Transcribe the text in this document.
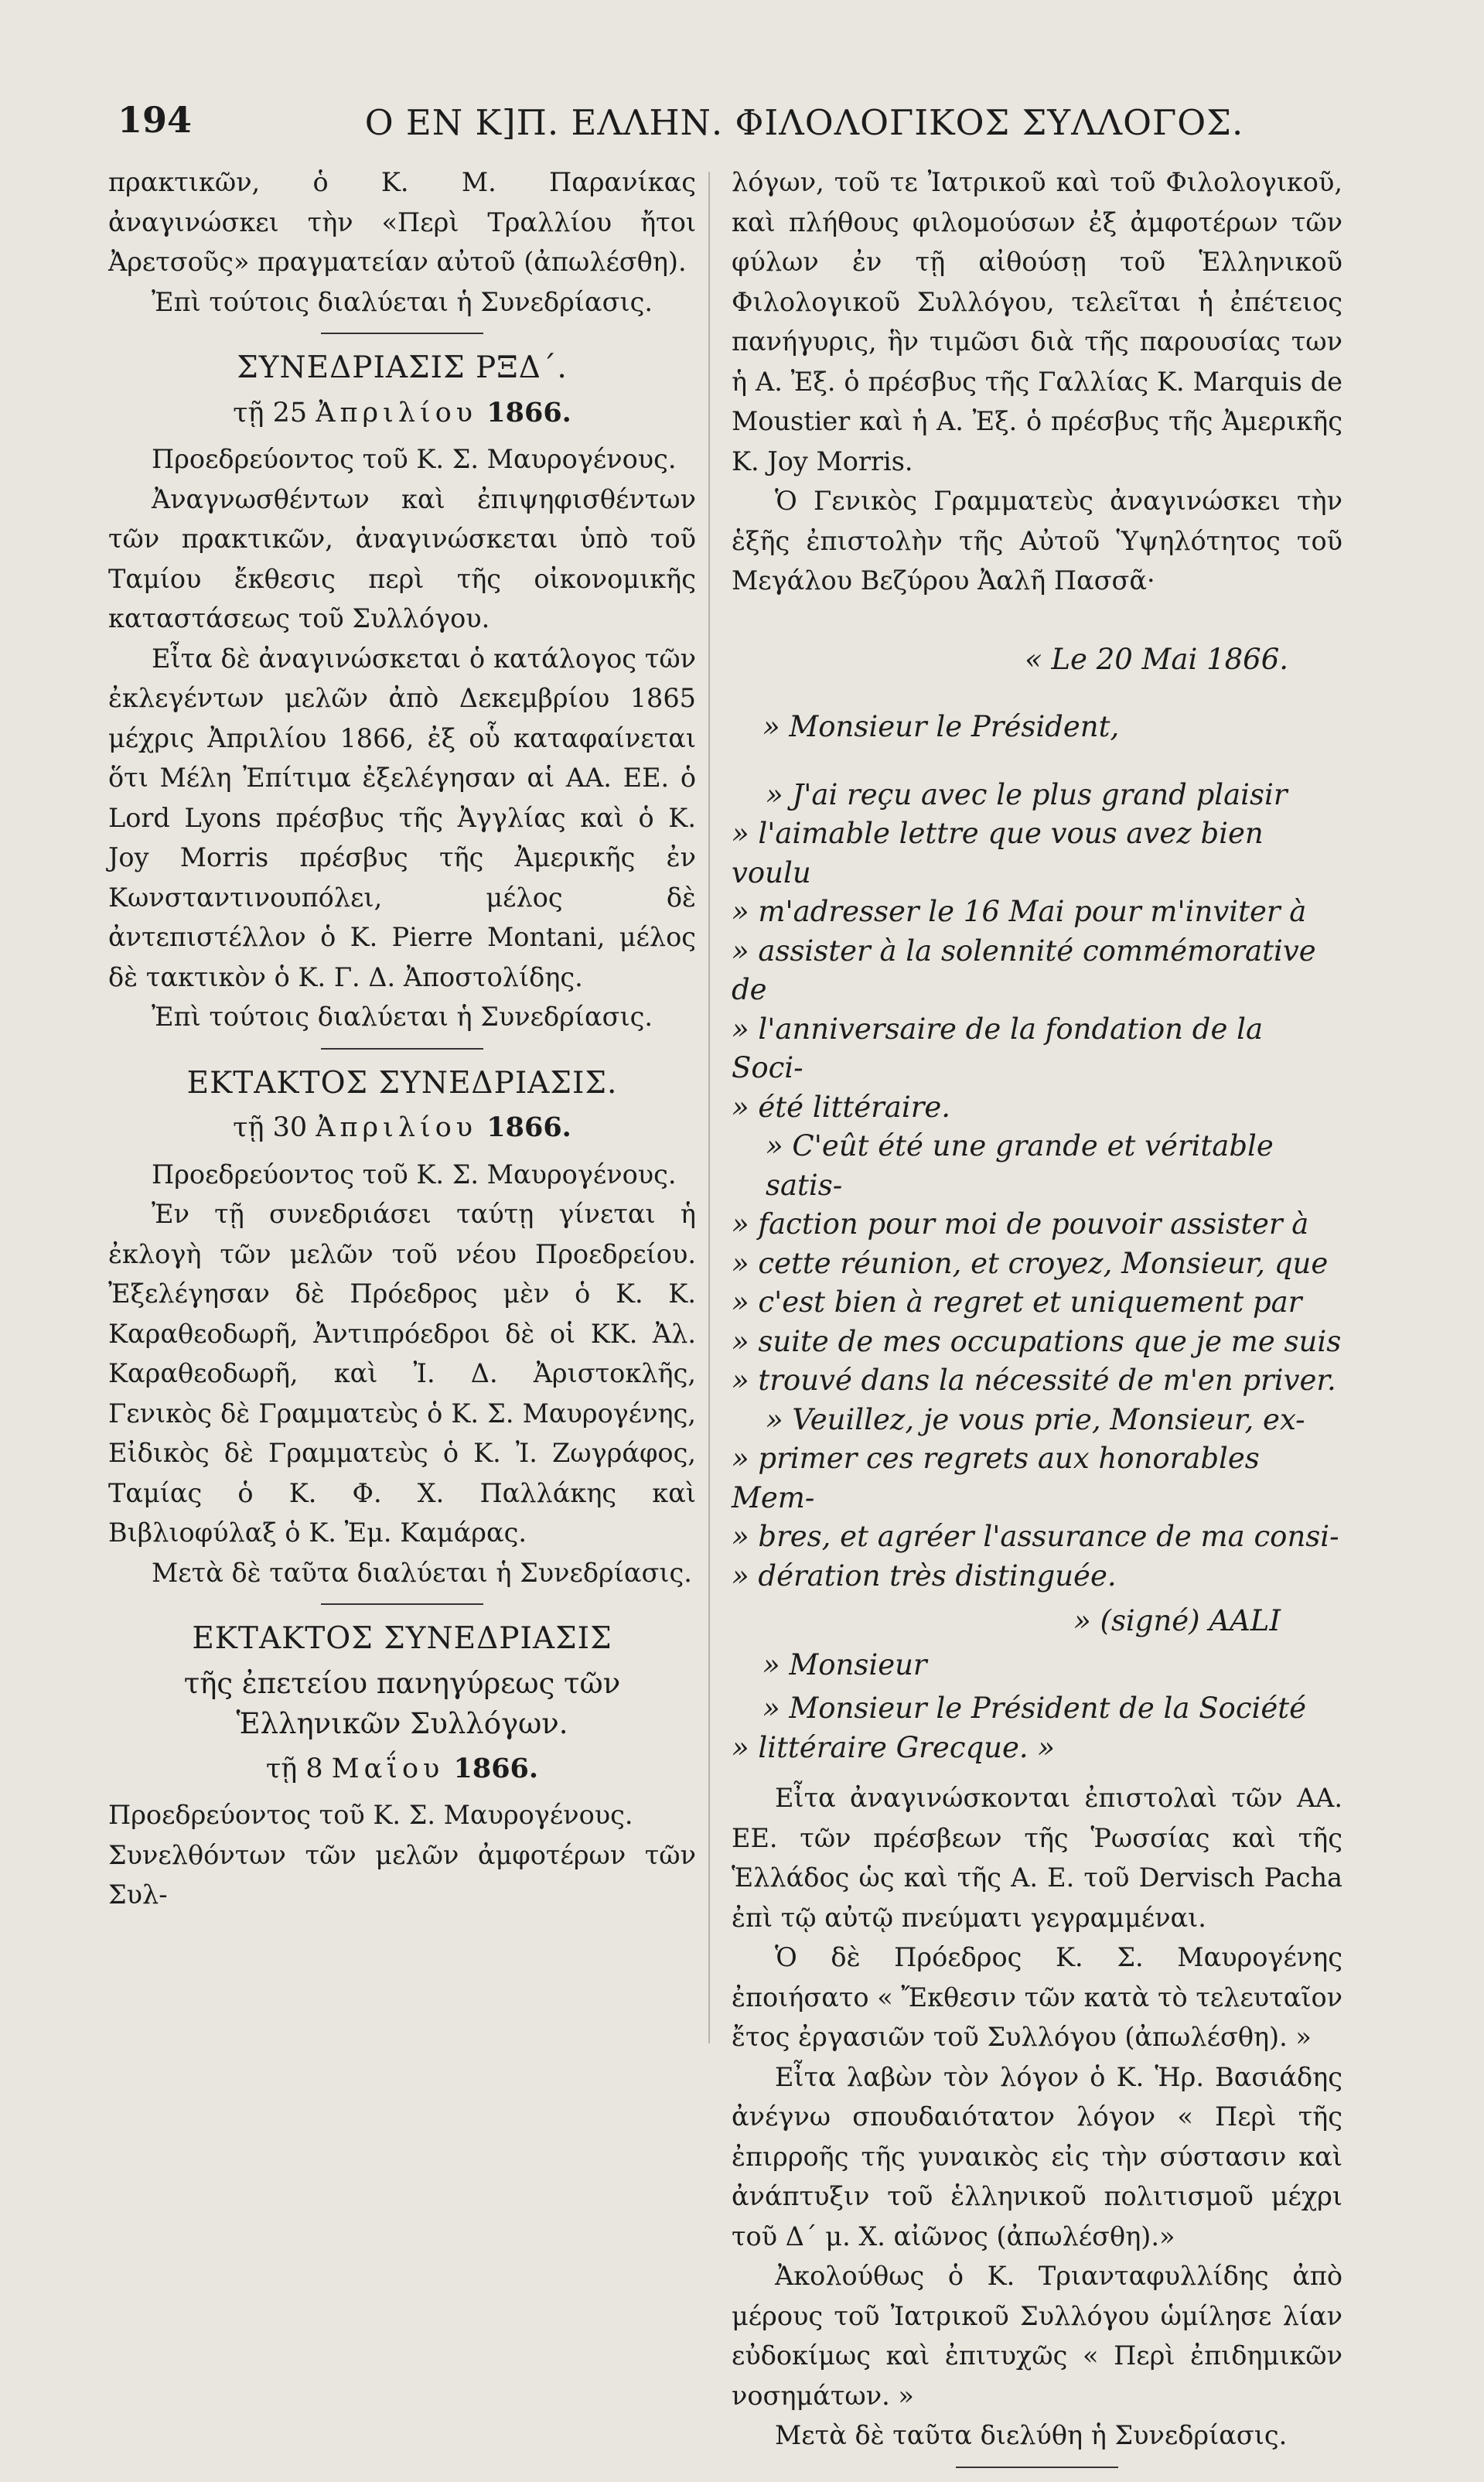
194	Ο ΕΝ Κ]Π. ΕΛΛΗΝ. ΦΙΛΟΛΟΓΙΚΟΣ ΣΥΛΛΟΓΟΣ.

πρακτικῶν, ὁ Κ. Μ. Παρανίκας ἀναγινώσκει τὴν «Περὶ Τραλλίου ἤτοι Ἀρετσοῦς» πραγματείαν αὐτοῦ (ἀπωλέσθη).

Ἐπὶ τούτοις διαλύεται ἡ Συνεδρίασις.

ΣΥΝΕΔΡΙΑΣΙΣ ΡΞΔ΄.

τῇ 25 Ἀπριλίου 1866.

Προεδρεύοντος τοῦ Κ. Σ. Μαυρογένους.

Ἀναγνωσθέντων καὶ ἐπιψηφισθέντων τῶν πρακτικῶν, ἀναγινώσκεται ὑπὸ τοῦ Ταμίου ἔκθεσις περὶ τῆς οἰκονομικῆς καταστάσεως τοῦ Συλλόγου.

Εἶτα δὲ ἀναγινώσκεται ὁ κατάλογος τῶν ἐκλεγέντων μελῶν ἀπὸ Δεκεμβρίου 1865 μέχρις Ἀπριλίου 1866, ἐξ οὗ καταφαίνεται ὅτι Μέλη Ἐπίτιμα ἐξελέγησαν αἱ ΑΑ. ΕΕ. ὁ Lord Lyons πρέσβυς τῆς Ἀγγλίας καὶ ὁ Κ. Joy Morris πρέσβυς τῆς Ἀμερικῆς ἐν Κωνσταντινουπόλει, μέλος δὲ ἀντεπιστέλλον ὁ Κ. Pierre Montani, μέλος δὲ τακτικὸν ὁ Κ. Γ. Δ. Ἀποστολίδης.

Ἐπὶ τούτοις διαλύεται ἡ Συνεδρίασις.

ΕΚΤΑΚΤΟΣ ΣΥΝΕΔΡΙΑΣΙΣ.

τῇ 30 Ἀπριλίου 1866.

Προεδρεύοντος τοῦ Κ. Σ. Μαυρογένους.

Ἐν τῇ συνεδριάσει ταύτῃ γίνεται ἡ ἐκλογὴ τῶν μελῶν τοῦ νέου Προεδρείου. Ἐξελέγησαν δὲ Πρόεδρος μὲν ὁ Κ. Κ. Καραθεοδωρῆ, Ἀντιπρόεδροι δὲ οἱ ΚΚ. Ἀλ. Καραθεοδωρῆ, καὶ Ἰ. Δ. Ἀριστοκλῆς, Γενικὸς δὲ Γραμματεὺς ὁ Κ. Σ. Μαυρογένης, Εἰδικὸς δὲ Γραμματεὺς ὁ Κ. Ἰ. Ζωγράφος, Ταμίας ὁ Κ. Φ. Χ. Παλλάκης καὶ Βιβλιοφύλαξ ὁ Κ. Ἐμ. Καμάρας.

Μετὰ δὲ ταῦτα διαλύεται ἡ Συνεδρίασις.

ΕΚΤΑΚΤΟΣ ΣΥΝΕΔΡΙΑΣΙΣ

τῆς ἐπετείου πανηγύρεως τῶν

Ἑλληνικῶν Συλλόγων.

τῇ 8 Μαΐου 1866.

Προεδρεύοντος τοῦ Κ. Σ. Μαυρογένους.

Συνελθόντων τῶν μελῶν ἀμφοτέρων τῶν Συλ-

λόγων, τοῦ τε Ἰατρικοῦ καὶ τοῦ Φιλολογικοῦ, καὶ πλήθους φιλομούσων ἐξ ἀμφοτέρων τῶν φύλων ἐν τῇ αἰθούσῃ τοῦ Ἑλληνικοῦ Φιλολογικοῦ Συλλόγου, τελεῖται ἡ ἐπέτειος πανήγυρις, ἣν τιμῶσι διὰ τῆς παρουσίας των ἡ Α. Ἐξ. ὁ πρέσβυς τῆς Γαλλίας Κ. Marquis de Moustier καὶ ἡ Α. Ἐξ. ὁ πρέσβυς τῆς Ἀμερικῆς Κ. Joy Morris.

Ὁ Γενικὸς Γραμματεὺς ἀναγινώσκει τὴν ἑξῆς ἐπιστολὴν τῆς Αὐτοῦ Ὑψηλότητος τοῦ Μεγάλου Βεζύρου Ἀαλῆ Πασσᾶ·

« Le 20 Mai 1866.

» Monsieur le Président,

» J'ai reçu avec le plus grand plaisir

» l'aimable lettre que vous avez bien voulu

» m'adresser le 16 Mai pour m'inviter à

» assister à la solennité commémorative de

» l'anniversaire de la fondation de la Soci-

» été littéraire.

» C'eût été une grande et véritable satis-

» faction pour moi de pouvoir assister à

» cette réunion, et croyez, Monsieur, que

» c'est bien à regret et uniquement par

» suite de mes occupations que je me suis

» trouvé dans la nécessité de m'en priver.

» Veuillez, je vous prie, Monsieur, ex-

» primer ces regrets aux honorables Mem-

» bres, et agréer l'assurance de ma consi-

» dération très distinguée.

» (signé) AALI

» Monsieur

» Monsieur le Président de la Société

» littéraire Grecque. »

Εἶτα ἀναγινώσκονται ἐπιστολαὶ τῶν ΑΑ. ΕΕ. τῶν πρέσβεων τῆς Ῥωσσίας καὶ τῆς Ἑλλάδος ὡς καὶ τῆς Α. Ε. τοῦ Dervisch Pacha ἐπὶ τῷ αὐτῷ πνεύματι γεγραμμέναι.

Ὁ δὲ Πρόεδρος Κ. Σ. Μαυρογένης ἐποιήσατο « Ἔκθεσιν τῶν κατὰ τὸ τελευταῖον ἔτος ἐργασιῶν τοῦ Συλλόγου (ἀπωλέσθη). »

Εἶτα λαβὼν τὸν λόγον ὁ Κ. Ἡρ. Βασιάδης ἀνέγνω σπουδαιότατον λόγον « Περὶ τῆς ἐπιρροῆς τῆς γυναικὸς εἰς τὴν σύστασιν καὶ ἀνάπτυξιν τοῦ ἑλληνικοῦ πολιτισμοῦ μέχρι τοῦ Δ΄ μ. Χ. αἰῶνος (ἀπωλέσθη).»

Ἀκολούθως ὁ Κ. Τριανταφυλλίδης ἀπὸ μέρους τοῦ Ἰατρικοῦ Συλλόγου ὡμίλησε λίαν εὐδοκίμως καὶ ἐπιτυχῶς « Περὶ ἐπιδημικῶν νοσημάτων. »

Μετὰ δὲ ταῦτα διελύθη ἡ Συνεδρίασις.
